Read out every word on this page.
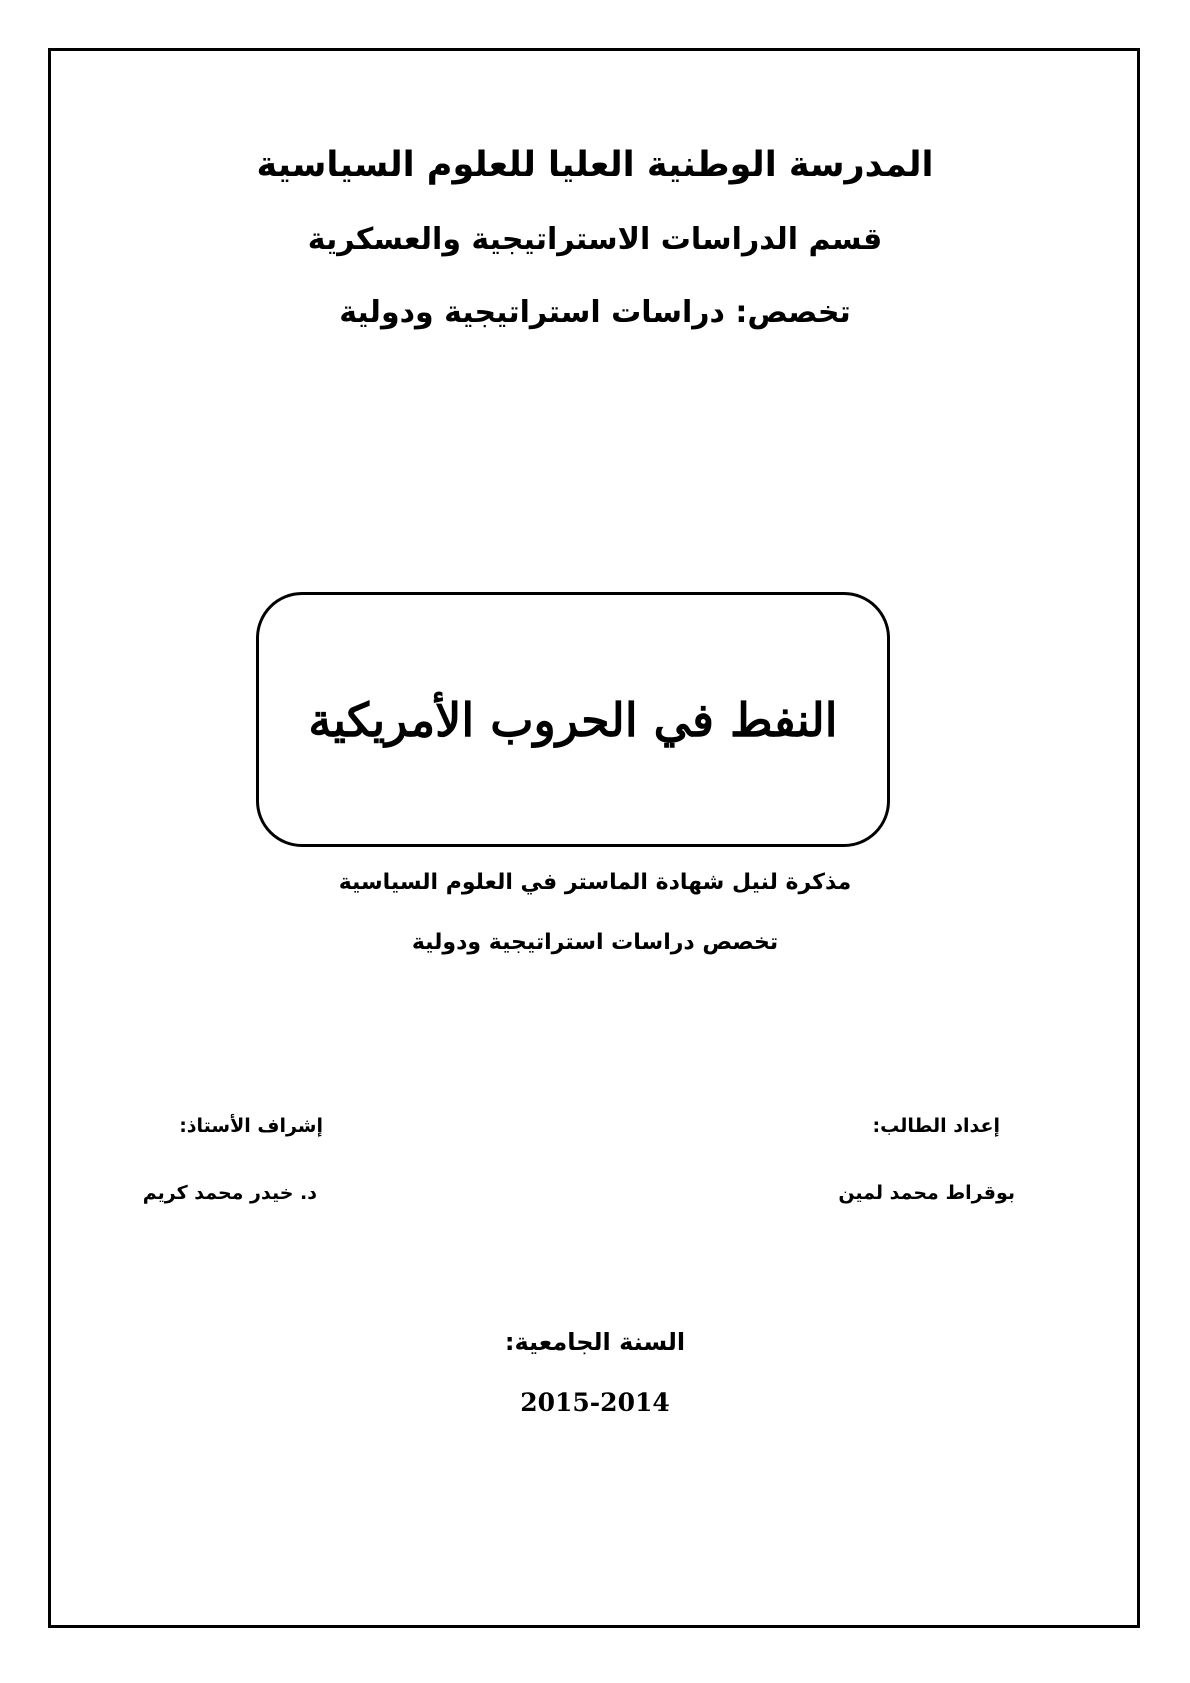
المدرسة الوطنية العليا للعلوم السياسية
قسم الدراسات الاستراتيجية والعسكرية
تخصص: دراسات استراتيجية ودولية
النفط في الحروب الأمريكية
مذكرة لنيل شهادة الماستر في العلوم السياسية
تخصص دراسات استراتيجية ودولية
إعداد الطالب:
بوقراط محمد لمين
إشراف الأستاذ:
د. خيدر محمد كريم
السنة الجامعية:
2015-2014
